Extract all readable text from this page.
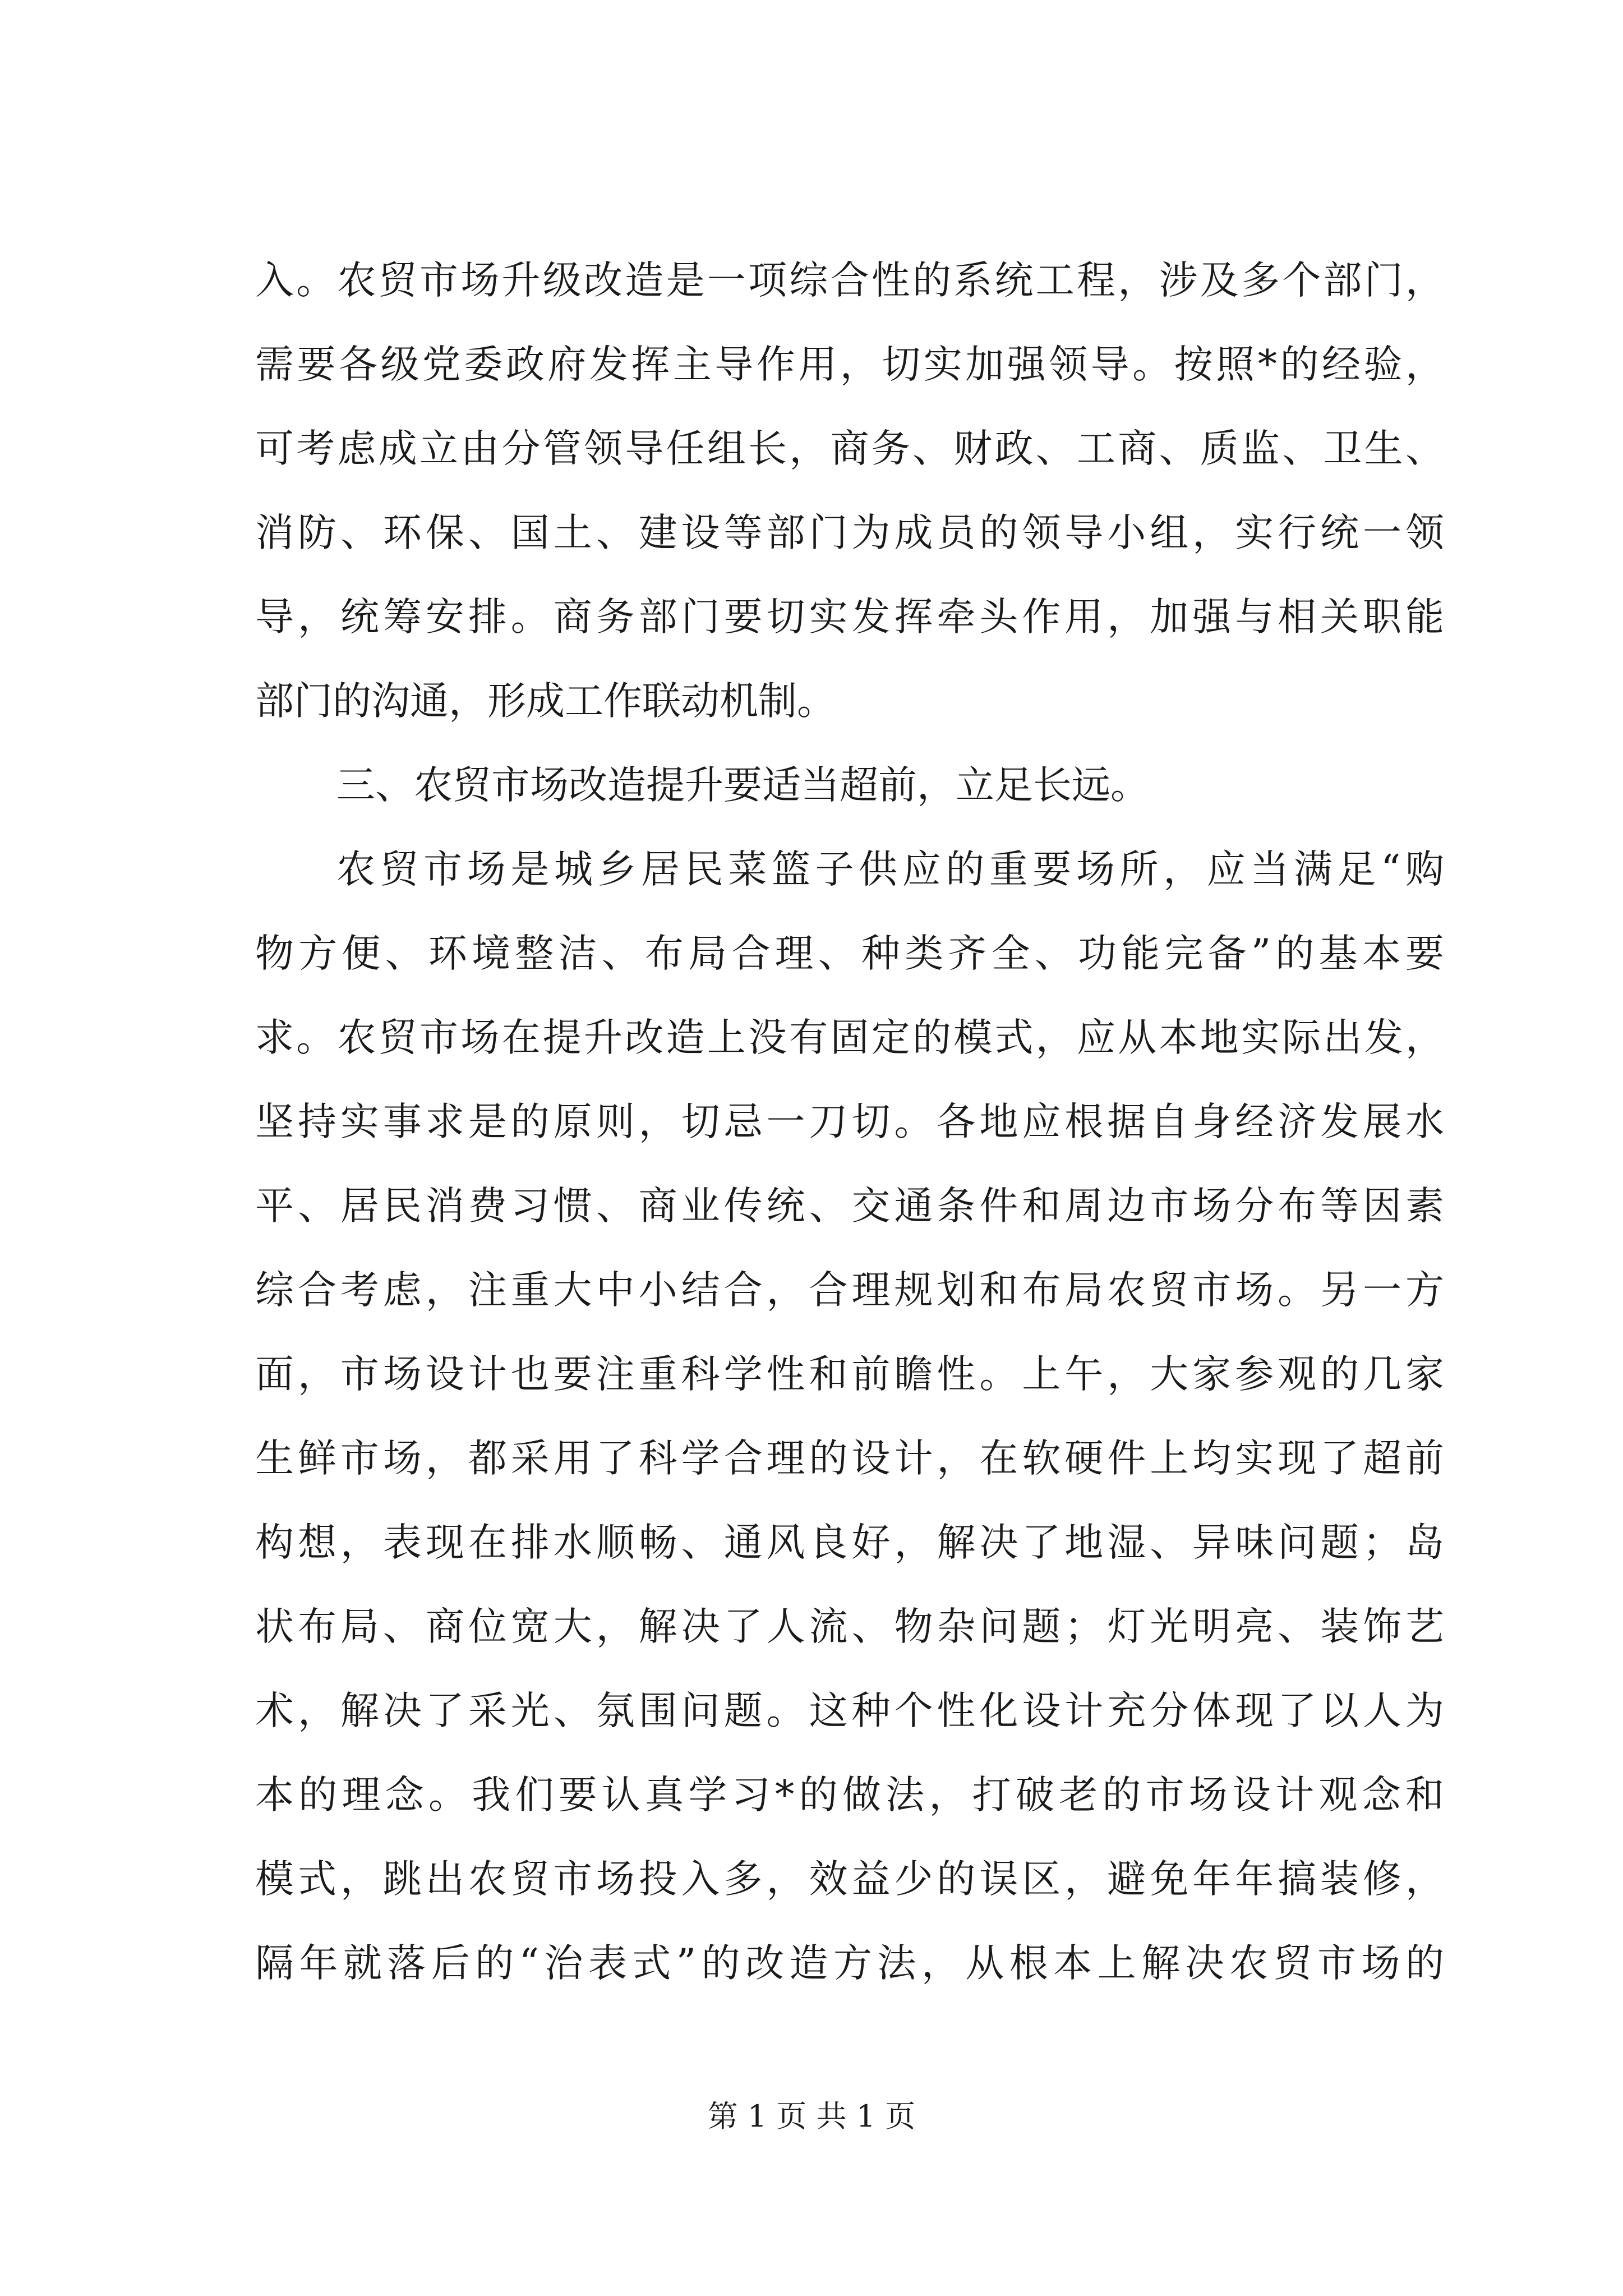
入。农贸市场升级改造是一项综合性的系统工程，涉及多个部门，
需要各级党委政府发挥主导作用，切实加强领导。按照*的经验，
可考虑成立由分管领导任组长，商务、财政、工商、质监、卫生、
消防、环保、国土、建设等部门为成员的领导小组，实行统一领
导，统筹安排。商务部门要切实发挥牵头作用，加强与相关职能
部门的沟通，形成工作联动机制。
三、农贸市场改造提升要适当超前，立足长远。
农贸市场是城乡居民菜篮子供应的重要场所，应当满足“购
物方便、环境整洁、布局合理、种类齐全、功能完备”的基本要
求。农贸市场在提升改造上没有固定的模式，应从本地实际出发，
坚持实事求是的原则，切忌一刀切。各地应根据自身经济发展水
平、居民消费习惯、商业传统、交通条件和周边市场分布等因素
综合考虑，注重大中小结合，合理规划和布局农贸市场。另一方
面，市场设计也要注重科学性和前瞻性。上午，大家参观的几家
生鲜市场，都采用了科学合理的设计，在软硬件上均实现了超前
构想，表现在排水顺畅、通风良好，解决了地湿、异味问题；岛
状布局、商位宽大，解决了人流、物杂问题；灯光明亮、装饰艺
术，解决了采光、氛围问题。这种个性化设计充分体现了以人为
本的理念。我们要认真学习*的做法，打破老的市场设计观念和
模式，跳出农贸市场投入多，效益少的误区，避免年年搞装修，
隔年就落后的“治表式”的改造方法，从根本上解决农贸市场的
第 1 页 共 1 页
